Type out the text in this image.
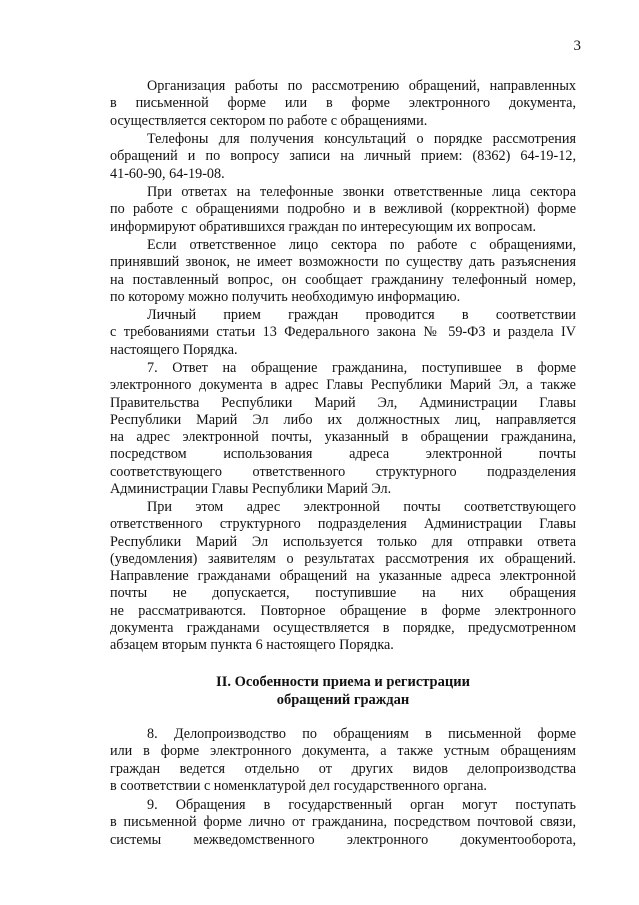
3
Организация работы по рассмотрению обращений, направленных
в письменной форме или в форме электронного документа,
осуществляется сектором по работе с обращениями.
Телефоны для получения консультаций о порядке рассмотрения
обращений и по вопросу записи на личный прием: (8362) 64-19-12,
41-60-90, 64-19-08.
При ответах на телефонные звонки ответственные лица сектора
по работе с обращениями подробно и в вежливой (корректной) форме
информируют обратившихся граждан по интересующим их вопросам.
Если ответственное лицо сектора по работе с обращениями,
принявший звонок, не имеет возможности по существу дать разъяснения
на поставленный вопрос, он сообщает гражданину телефонный номер,
по которому можно получить необходимую информацию.
Личный прием граждан проводится в соответствии
с требованиями статьи 13 Федерального закона № 59-ФЗ и раздела IV
настоящего Порядка.
7. Ответ на обращение гражданина, поступившее в форме
электронного документа в адрес Главы Республики Марий Эл, а также
Правительства Республики Марий Эл, Администрации Главы
Республики Марий Эл либо их должностных лиц, направляется
на адрес электронной почты, указанный в обращении гражданина,
посредством использования адреса электронной почты
соответствующего ответственного структурного подразделения
Администрации Главы Республики Марий Эл.
При этом адрес электронной почты соответствующего
ответственного структурного подразделения Администрации Главы
Республики Марий Эл используется только для отправки ответа
(уведомления) заявителям о результатах рассмотрения их обращений.
Направление гражданами обращений на указанные адреса электронной
почты не допускается, поступившие на них обращения
не рассматриваются. Повторное обращение в форме электронного
документа гражданами осуществляется в порядке, предусмотренном
абзацем вторым пункта 6 настоящего Порядка.
II. Особенности приема и регистрации
обращений граждан
8. Делопроизводство по обращениям в письменной форме
или в форме электронного документа, а также устным обращениям
граждан ведется отдельно от других видов делопроизводства
в соответствии с номенклатурой дел государственного органа.
9. Обращения в государственный орган могут поступать
в письменной форме лично от гражданина, посредством почтовой связи,
системы межведомственного электронного документооборота,
